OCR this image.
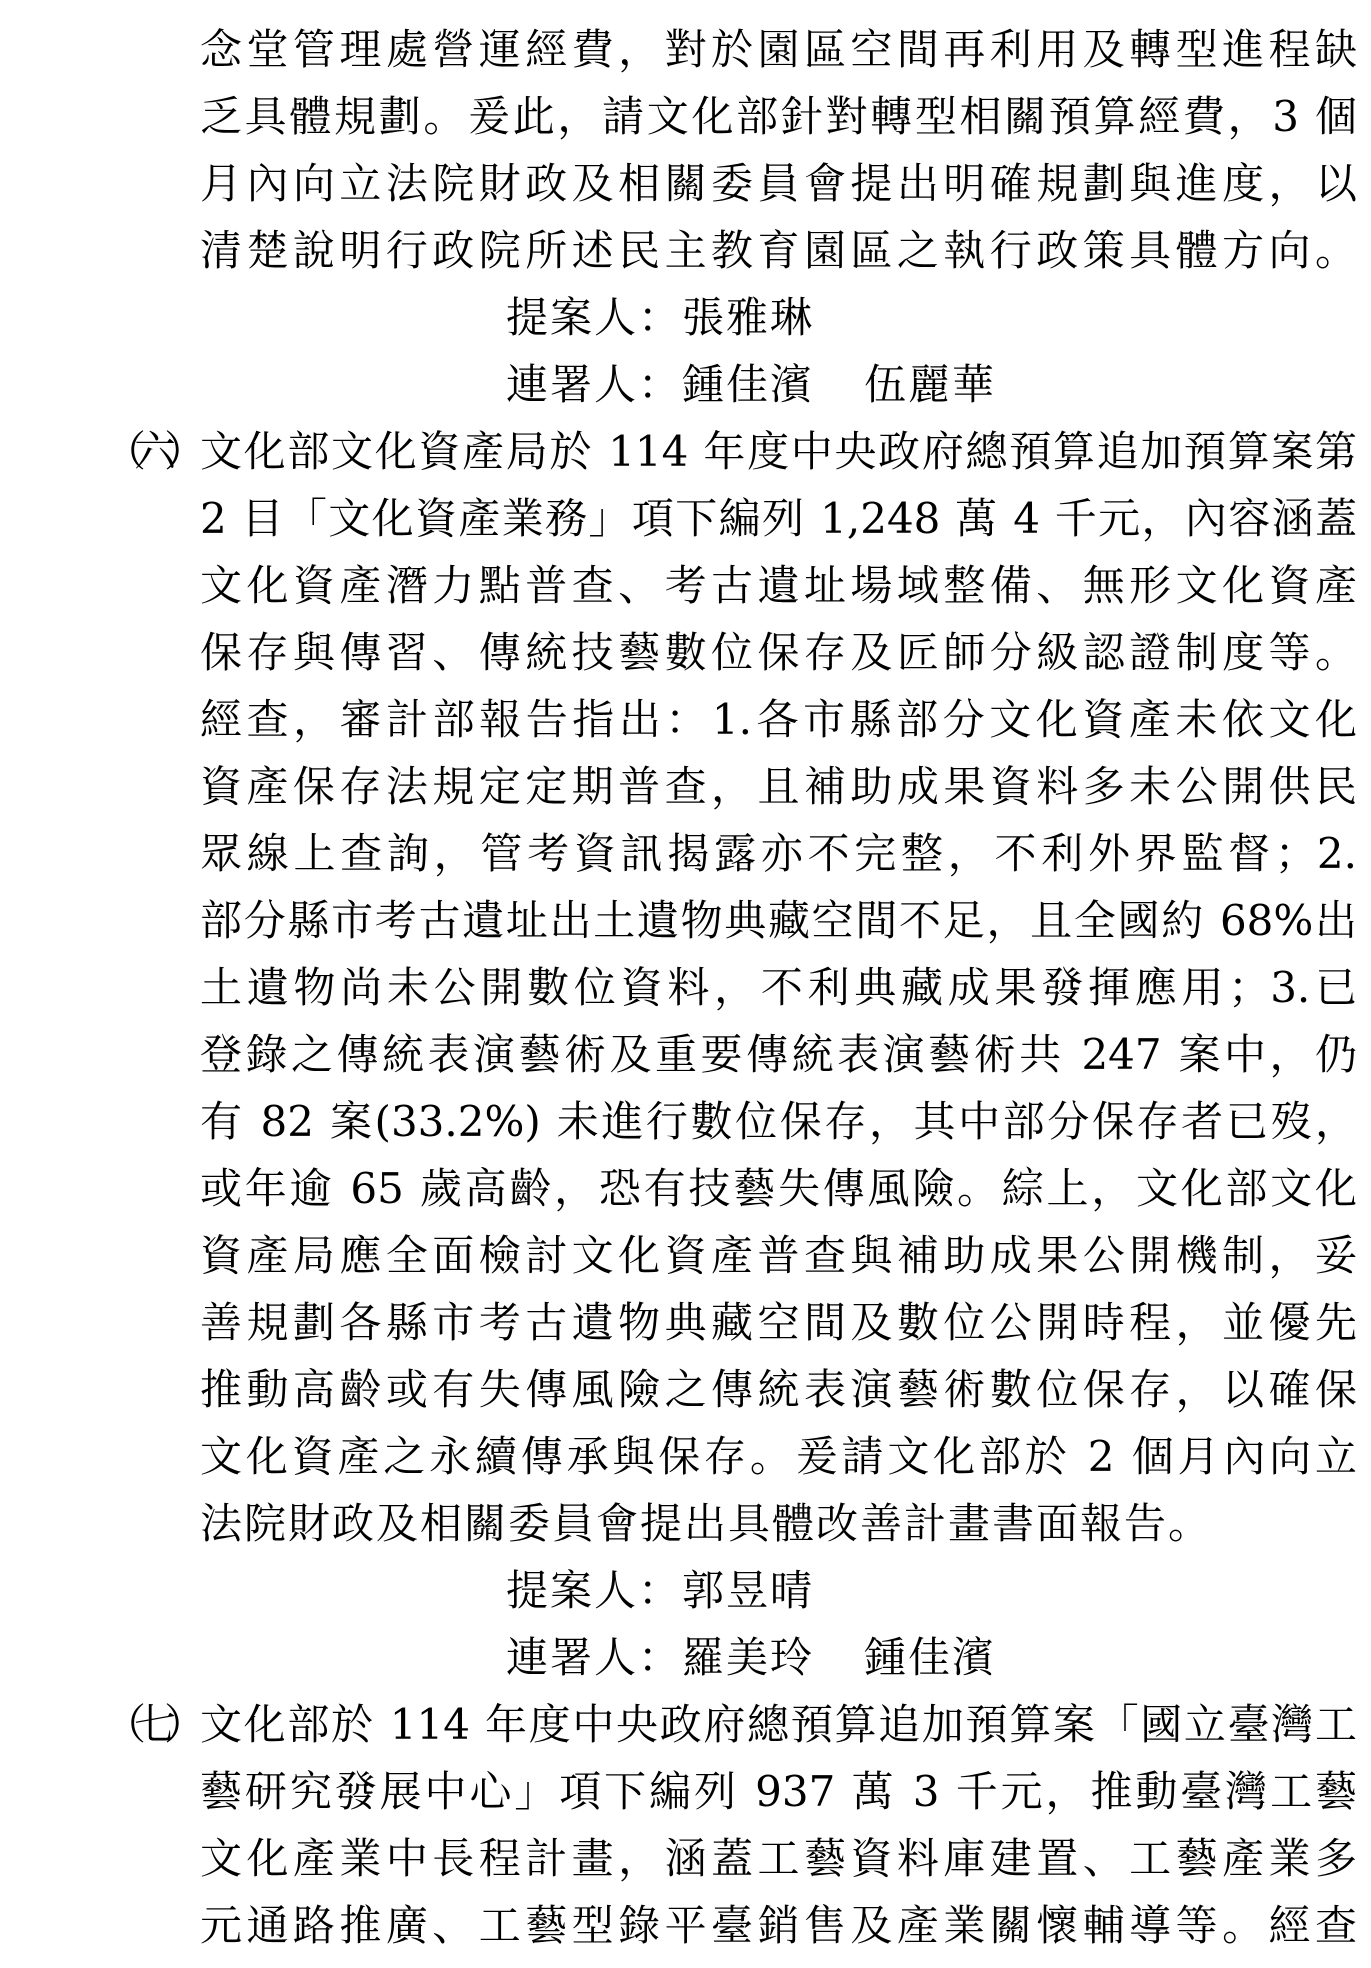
念堂管理處營運經費，對於園區空間再利用及轉型進程缺
乏具體規劃。爰此，請文化部針對轉型相關預算經費，3 個
月內向立法院財政及相關委員會提出明確規劃與進度，以
清楚說明行政院所述民主教育園區之執行政策具體方向。
提案人：張雅琳
連署人：鍾佳濱 伍麗華
（六） 文化部文化資產局於 114 年度中央政府總預算追加預算案第
2 目「文化資產業務」項下編列 1,248 萬 4 千元，內容涵蓋
文化資產潛力點普查、考古遺址場域整備、無形文化資產
保存與傳習、傳統技藝數位保存及匠師分級認證制度等。
經查，審計部報告指出：1.各市縣部分文化資產未依文化
資產保存法規定定期普查，且補助成果資料多未公開供民
眾線上查詢，管考資訊揭露亦不完整，不利外界監督；2.
部分縣市考古遺址出土遺物典藏空間不足，且全國約 68%出
土遺物尚未公開數位資料，不利典藏成果發揮應用；3.已
登錄之傳統表演藝術及重要傳統表演藝術共 247 案中，仍
有 82 案(33.2%) 未進行數位保存，其中部分保存者已歿，
或年逾 65 歲高齡，恐有技藝失傳風險。綜上，文化部文化
資產局應全面檢討文化資產普查與補助成果公開機制，妥
善規劃各縣市考古遺物典藏空間及數位公開時程，並優先
推動高齡或有失傳風險之傳統表演藝術數位保存，以確保
文化資產之永續傳承與保存。爰請文化部於 2 個月內向立
法院財政及相關委員會提出具體改善計畫書面報告。
提案人：郭昱晴
連署人：羅美玲 鍾佳濱
（七） 文化部於 114 年度中央政府總預算追加預算案「國立臺灣工
藝研究發展中心」項下編列 937 萬 3 千元，推動臺灣工藝
文化產業中長程計畫，涵蓋工藝資料庫建置、工藝產業多
元通路推廣、工藝型錄平臺銷售及產業關懷輔導等。經查
